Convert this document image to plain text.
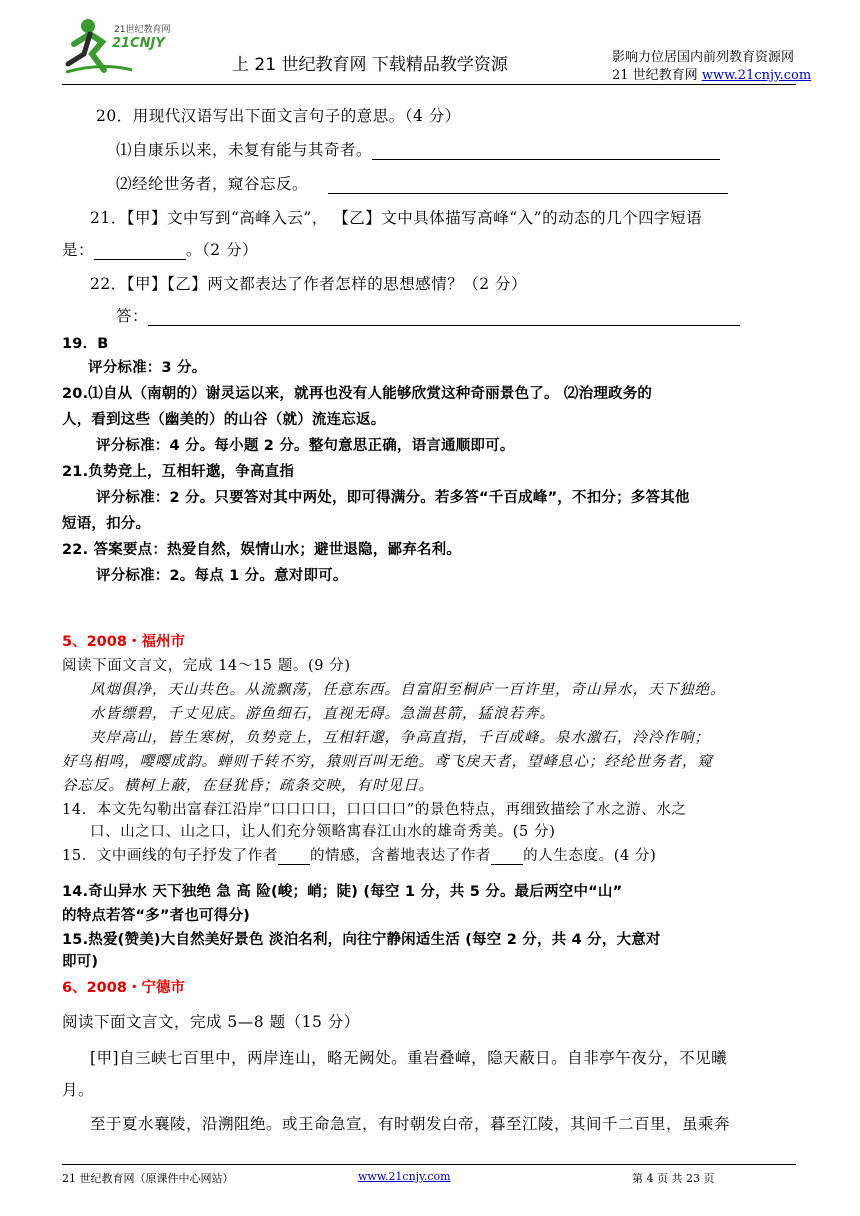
21世纪教育网
21CNJY
上 21 世纪教育网 下载精品教学资源	影响力位居国内前列教育资源网
21 世纪教育网 www.21cnjy.com
20．用现代汉语写出下面文言句子的意思。（4 分）
⑴自康乐以来，未复有能与其奇者。
⑵经纶世务者，窥谷忘反。
21．【甲】文中写到“高峰入云”， 【乙】文中具体描写高峰“入”的动态的几个四字短语
是：	。（2 分）
22．【甲】【乙】两文都表达了作者怎样的思想感情？（2 分）
答：
19．B
评分标准：3 分。
20.⑴自从（南朝的）谢灵运以来，就再也没有人能够欣赏这种奇丽景色了。 ⑵治理政务的
人，看到这些（幽美的）的山谷（就）流连忘返。
评分标准：4 分。每小题 2 分。整句意思正确，语言通顺即可。
21.负势竞上，互相轩邈，争高直指
评分标准：2 分。只要答对其中两处，即可得满分。若多答“千百成峰”，不扣分；多答其他
短语，扣分。
22. 答案要点：热爱自然，娱情山水；避世退隐，鄙弃名利。
评分标准：2。每点 1 分。意对即可。
5、2008・福州市
阅读下面文言文，完成 14～15 题。(9 分)
风烟俱净，天山共色。从流飘荡，任意东西。自富阳至桐庐一百许里，奇山异水，天下独绝。
水皆缥碧，千丈见底。游鱼细石，直视无碍。急湍甚箭，猛浪若奔。
夹岸高山，皆生寒树，负势竞上，互相轩邈，争高直指，千百成峰。泉水激石，泠泠作响；
好鸟相鸣，嘤嘤成韵。蝉则千转不穷，猿则百叫无绝。鸢飞戾天者，望峰息心；经纶世务者，窥
谷忘反。横柯上蔽，在昼犹昏；疏条交映，有时见日。
14．本文先勾勒出富春江沿岸“口口口口，口口口口”的景色特点，再细致描绘了水之游、水之
口、山之口、山之口，让人们充分领略寓春江山水的雄奇秀美。(5 分)
15．文中画线的句子抒发了作者 的情感，含蓄地表达了作者 的人生态度。(4 分)
14.奇山异水 天下独绝 急 高 险(峻；峭；陡) (每空 1 分，共 5 分。最后两空中“山”
的特点若答“多”者也可得分)
15.热爱(赞美)大自然美好景色 淡泊名利，向往宁静闲适生活 (每空 2 分，共 4 分，大意对
即可)
6、2008・宁德市
阅读下面文言文，完成 5—8 题（15 分）
[甲]自三峡七百里中，两岸连山，略无阙处。重岩叠嶂，隐天蔽日。自非亭午夜分，不见曦
月。
至于夏水襄陵，沿溯阻绝。或王命急宣，有时朝发白帝，暮至江陵，其间千二百里，虽乘奔
21 世纪教育网（原课件中心网站）	www.21cnjy.com	第 4 页 共 23 页
